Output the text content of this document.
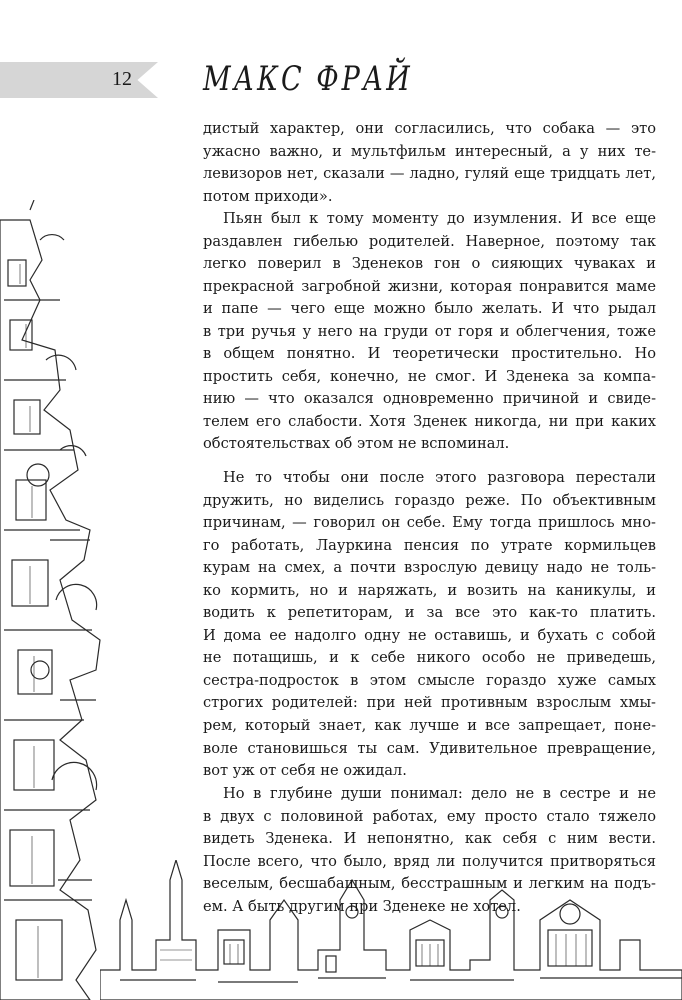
12	МАКС ФРАЙ
дистый характер, они согласились, что собака — это
ужасно важно, и мультфильм интересный, а у них те-
левизоров нет, сказали — ладно, гуляй еще тридцать лет,
потом приходи».
Пьян был к тому моменту до изумления. И все еще
раздавлен гибелью родителей. Наверное, поэтому так
легко поверил в Зденеков гон о сияющих чуваках и
прекрасной загробной жизни, которая понравится маме
и папе — чего еще можно было желать. И что рыдал
в три ручья у него на груди от горя и облегчения, тоже
в общем понятно. И теоретически простительно. Но
простить себя, конечно, не смог. И Зденека за компа-
нию — что оказался одновременно причиной и свиде-
телем его слабости. Хотя Зденек никогда, ни при каких
обстоятельствах об этом не вспоминал.
Не то чтобы они после этого разговора перестали
дружить, но виделись гораздо реже. По объективным
причинам, — говорил он себе. Ему тогда пришлось мно-
го работать, Лауркина пенсия по утрате кормильцев
курам на смех, а почти взрослую девицу надо не толь-
ко кормить, но и наряжать, и возить на каникулы, и
водить к репетиторам, и за все это как-то платить.
И дома ее надолго одну не оставишь, и бухать с собой
не потащишь, и к себе никого особо не приведешь,
сестра-подросток в этом смысле гораздо хуже самых
строгих родителей: при ней противным взрослым хмы-
рем, который знает, как лучше и все запрещает, поне-
воле становишься ты сам. Удивительное превращение,
вот уж от себя не ожидал.
Но в глубине души понимал: дело не в сестре и не
в двух с половиной работах, ему просто стало тяжело
видеть Зденека. И непонятно, как себя с ним вести.
После всего, что было, вряд ли получится притворяться
веселым, бесшабашным, бесстрашным и легким на подъ-
ем. А быть другим при Зденеке не хотел.
